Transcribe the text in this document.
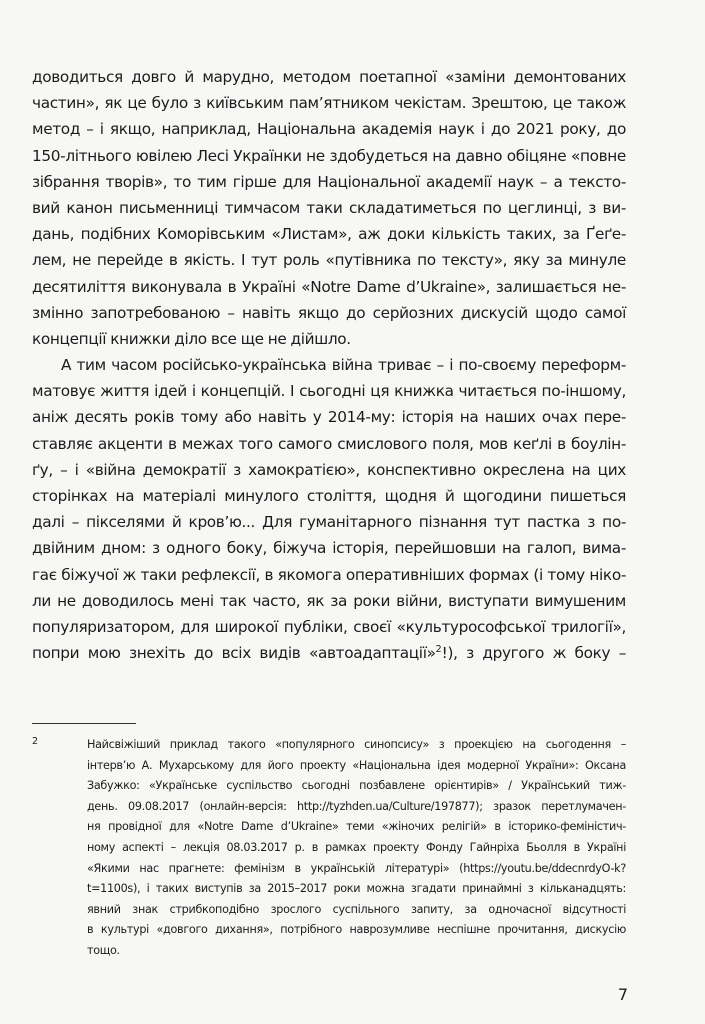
доводиться довго й марудно, методом поетапної «заміни демонтованих
частин», як це було з київським пам’ятником чекістам. Зрештою, це також
метод – і якщо, наприклад, Національна академія наук і до 2021 року, до
150-літнього ювілею Лесі Українки не здобудеться на давно обіцяне «повне
зібрання творів», то тим гірше для Національної академії наук – а тексто-
вий канон письменниці тимчасом таки складатиметься по цеглинці, з ви-
дань, подібних Коморівським «Листам», аж доки кількість таких, за Ґеґе-
лем, не перейде в якість. І тут роль «путівника по тексту», яку за минуле
десятиліття виконувала в Україні «Notre Dame d’Ukraine», залишається не-
змінно запотребованою – навіть якщо до серйозних дискусій щодо самої
концепції книжки діло все ще не дійшло.
А тим часом російсько-українська війна триває – і по-своєму переформ-
матовує життя ідей і концепцій. І сьогодні ця книжка читається по-іншому,
аніж десять років тому або навіть у 2014-му: історія на наших очах пере-
ставляє акценти в межах того самого смислового поля, мов кеґлі в боулін-
ґу, – і «війна демократії з хамократією», конспективно окреслена на цих
сторінках на матеріалі минулого століття, щодня й щогодини пишеться
далі – пікселями й кров’ю... Для гуманітарного пізнання тут пастка з по-
двійним дном: з одного боку, біжуча історія, перейшовши на галоп, вима-
гає біжучої ж таки рефлексії, в якомога оперативніших формах (і тому ніко-
ли не доводилось мені так часто, як за роки війни, виступати вимушеним
популяризатором, для широкої публіки, своєї «культурософської трилогії»,
попри мою знехіть до всіх видів «автоадаптації»$^2$!), з другого ж боку –
2	Найсвіжіший приклад такого «популярного синопсису» з проекцією на сьогодення –
інтерв’ю А. Мухарському для його проекту «Національна ідея модерної України»: Оксана
Забужко: «Українське суспільство сьогодні позбавлене орієнтирів» / Український тиж-
день. 09.08.2017 (онлайн-версія: http://tyzhden.ua/Culture/197877); зразок перетлумачен-
ня провідної для «Notre Dame d’Ukraine» теми «жіночих релігій» в історико-феміністич-
ному аспекті – лекція 08.03.2017 р. в рамках проекту Фонду Гайнріха Бьолля в Україні
«Якими нас прагнете: фемінізм в українській літературі» (https://youtu.be/ddecnrdyO-k?
t=1100s), і таких виступів за 2015–2017 роки можна згадати принаймні з кільканадцять:
явний знак стрибкоподібно зрослого суспільного запиту, за одночасної відсутності
в культурі «довгого дихання», потрібного наврозумливе неспішне прочитання, дискусію
тощо.
7
